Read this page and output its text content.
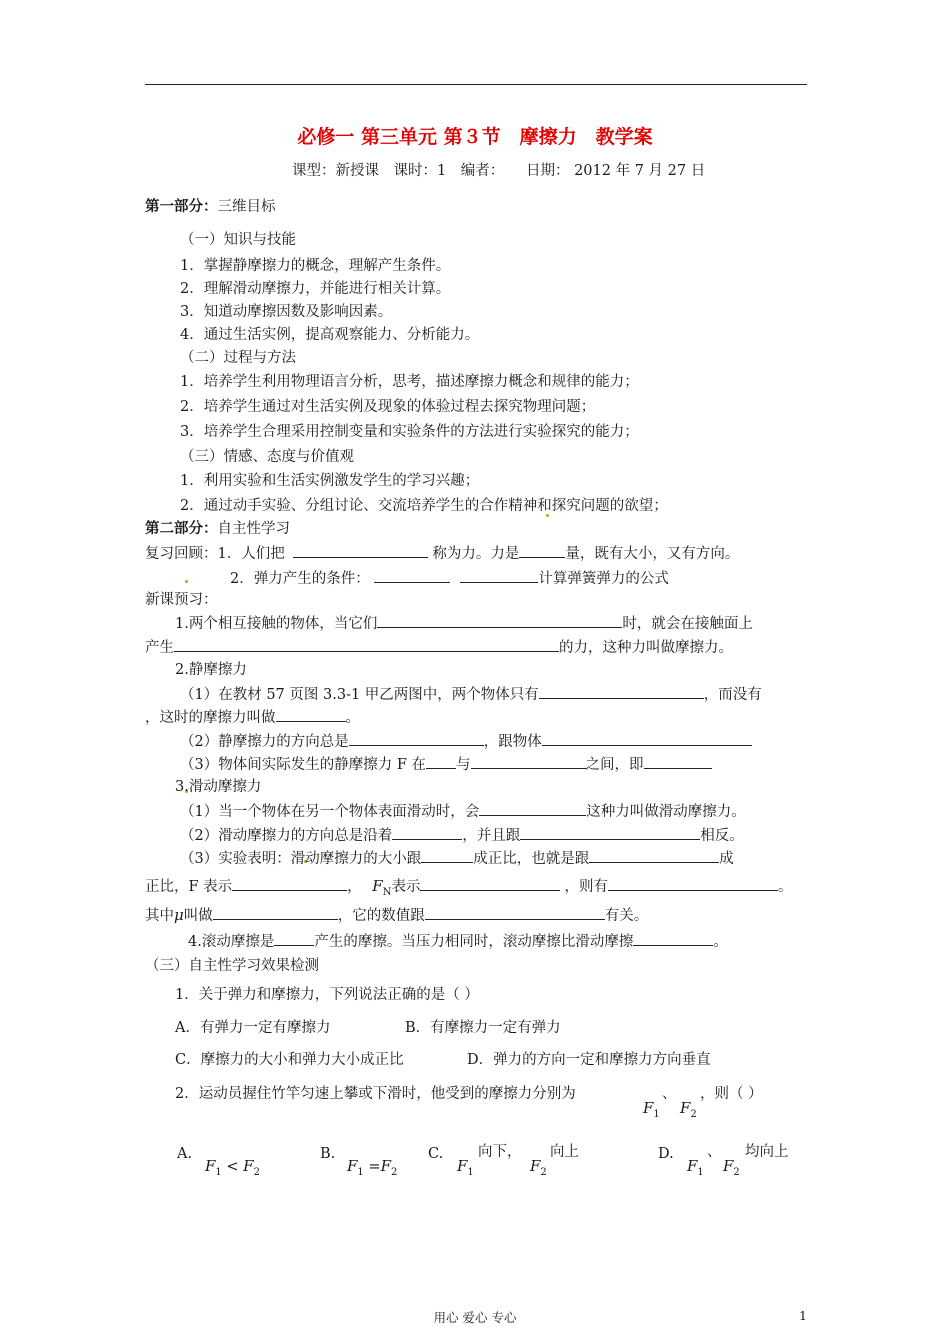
必修一 第三单元 第３节　摩擦力　教学案
课型：新授课　课时：1　编者：　　日期： 2012 年 7 月 27 日
第一部分：三维目标
（一）知识与技能
1．掌握静摩擦力的概念，理解产生条件。
2．理解滑动摩擦力，并能进行相关计算。
3．知道动摩擦因数及影响因素。
4．通过生活实例，提高观察能力、分析能力。
（二）过程与方法
1．培养学生利用物理语言分析，思考，描述摩擦力概念和规律的能力；
2．培养学生通过对生活实例及现象的体验过程去探究物理问题；
3．培养学生合理采用控制变量和实验条件的方法进行实验探究的能力；
（三）情感、态度与价值观
1．利用实验和生活实例激发学生的学习兴趣；
2．通过动手实验、分组讨论、交流培养学生的合作精神和探究问题的欲望；
第二部分：自主性学习
复习回顾：1．人们把	称为力。力是	量，既有大小，又有方向。
2．弹力产生的条件：	计算弹簧弹力的公式
新课预习：
1.两个相互接触的物体，当它们	时，就会在接触面上
产生	的力，这种力叫做摩擦力。
2.静摩擦力
（1）在教材 57 页图 3.3-1 甲乙两图中，两个物体只有	，而没有
，这时的摩擦力叫做	。
（2）静摩擦力的方向总是	，跟物体
（3）物体间实际发生的静摩擦力 F 在 与	之间，即
3.滑动摩擦力
（1）当一个物体在另一个物体表面滑动时，会	这种力叫做滑动摩擦力。
（2）滑动摩擦力的方向总是沿着	，并且跟	相反。
（3）实验表明：滑动摩擦力的大小跟	成正比，也就是跟	成
正比，F 表示	， $F_N$表示	，则有	。
其中μ叫做	，它的数值跟	有关。
4.滚动摩擦是	产生的摩擦。当压力相同时，滚动摩擦比滑动摩擦	。
（三）自主性学习效果检测
1．关于弹力和摩擦力，下列说法正确的是（ ）
A．有弹力一定有摩擦力	B．有摩擦力一定有弹力
C．摩擦力的大小和弹力大小成正比	D．弹力的方向一定和摩擦力方向垂直
2．运动员握住竹竿匀速上攀或下滑时，他受到的摩擦力分别为
$F_1$
、
$F_2$
，则（ ）
A.
$F_1 < F_2$
B.
$F_1 =F_2$
C.
$F_1$
向下，
$F_2$
向上	D.
$F_1$
、
$F_2$
均向上
用心 爱心 专心	1
